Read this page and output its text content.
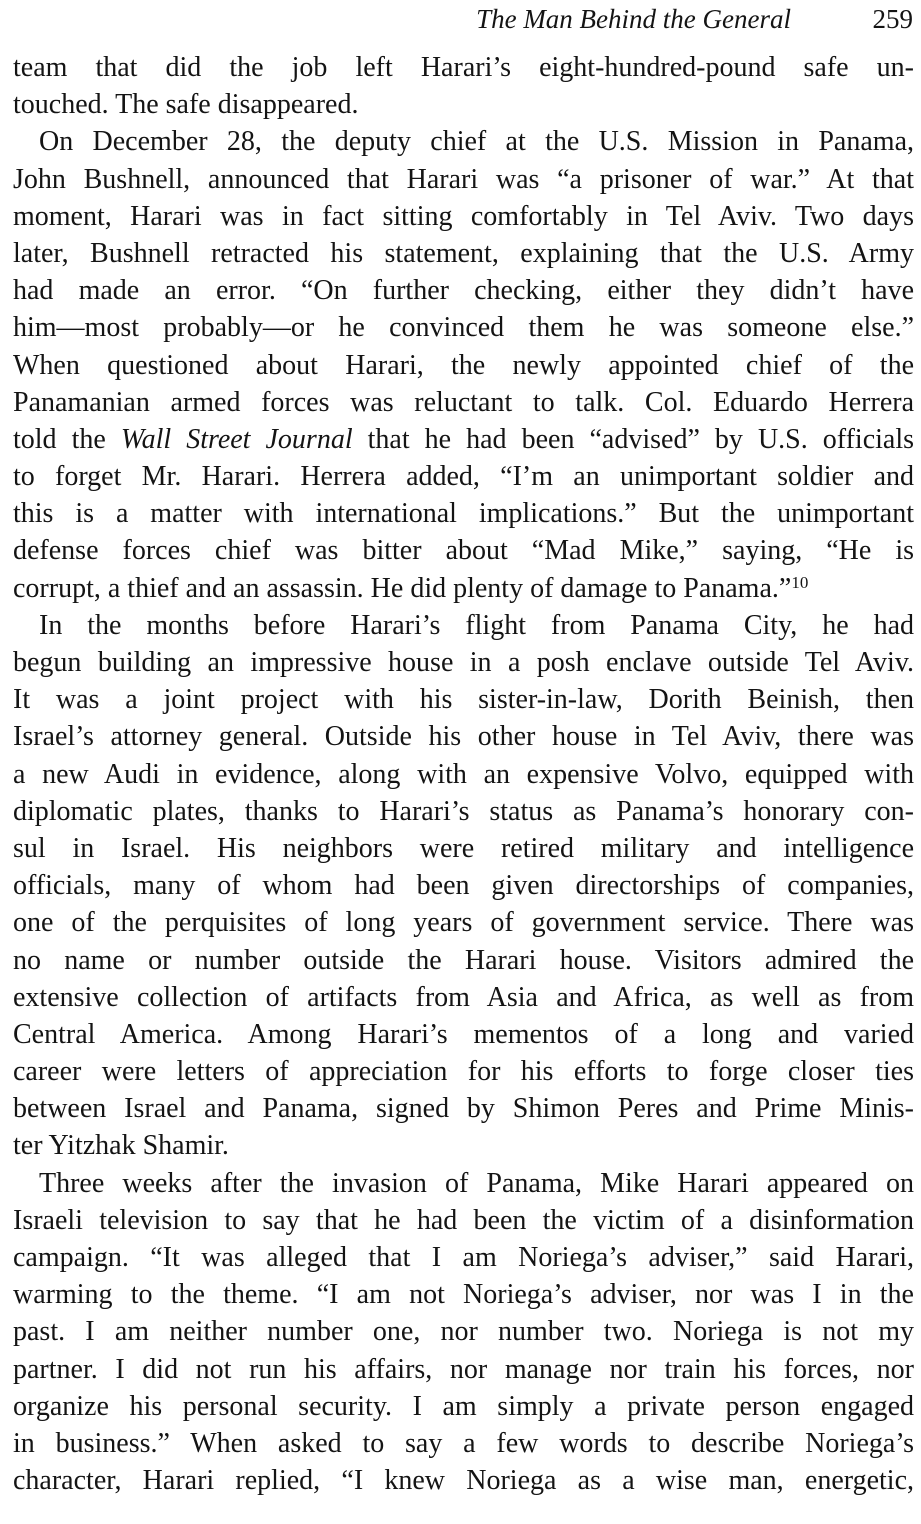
The Man Behind the General	259
team that did the job left Harari’s eight-hundred-pound safe un-
touched. The safe disappeared.
On December 28, the deputy chief at the U.S. Mission in Panama,
John Bushnell, announced that Harari was “a prisoner of war.” At that
moment, Harari was in fact sitting comfortably in Tel Aviv. Two days
later, Bushnell retracted his statement, explaining that the U.S. Army
had made an error. “On further checking, either they didn’t have
him—most probably—or he convinced them he was someone else.”
When questioned about Harari, the newly appointed chief of the
Panamanian armed forces was reluctant to talk. Col. Eduardo Herrera
told the Wall Street Journal that he had been “advised” by U.S. officials
to forget Mr. Harari. Herrera added, “I’m an unimportant soldier and
this is a matter with international implications.” But the unimportant
defense forces chief was bitter about “Mad Mike,” saying, “He is
corrupt, a thief and an assassin. He did plenty of damage to Panama.”$^{10}$
In the months before Harari’s flight from Panama City, he had
begun building an impressive house in a posh enclave outside Tel Aviv.
It was a joint project with his sister-in-law, Dorith Beinish, then
Israel’s attorney general. Outside his other house in Tel Aviv, there was
a new Audi in evidence, along with an expensive Volvo, equipped with
diplomatic plates, thanks to Harari’s status as Panama’s honorary con-
sul in Israel. His neighbors were retired military and intelligence
officials, many of whom had been given directorships of companies,
one of the perquisites of long years of government service. There was
no name or number outside the Harari house. Visitors admired the
extensive collection of artifacts from Asia and Africa, as well as from
Central America. Among Harari’s mementos of a long and varied
career were letters of appreciation for his efforts to forge closer ties
between Israel and Panama, signed by Shimon Peres and Prime Minis-
ter Yitzhak Shamir.
Three weeks after the invasion of Panama, Mike Harari appeared on
Israeli television to say that he had been the victim of a disinformation
campaign. “It was alleged that I am Noriega’s adviser,” said Harari,
warming to the theme. “I am not Noriega’s adviser, nor was I in the
past. I am neither number one, nor number two. Noriega is not my
partner. I did not run his affairs, nor manage nor train his forces, nor
organize his personal security. I am simply a private person engaged
in business.” When asked to say a few words to describe Noriega’s
character, Harari replied, “I knew Noriega as a wise man, energetic,
